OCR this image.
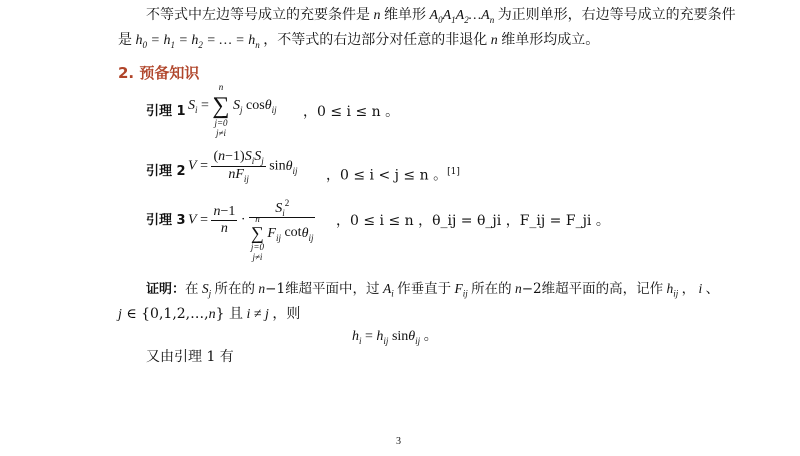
不等式中左边等号成立的充要条件是 n 维单形 $A_0A_1A_2\dots A_n$ 为正则单形，右边等号成立的充要条件
是 $h_0 = h_1 = h_2$ = … = $h_n$ ，不等式的右边部分对任意的非退化 n 维单形均成立。
2. 预备知识
引理 1 $S_i$ = ∑
n
j=0
j≠i
$S_j$ cosθ$_{ij}$ ，0 ≤ i ≤ n 。
引理 2 $V = \frac{(n-1)S_iS_j}{nF_{ij}} \sin\theta_{ij}$ ，0 ≤ i < j ≤ n 。[1]
引理 3 $V = \frac{n-1}{n}$ ·
$S_i^2$
∑
n
j=0
j≠i
$F_{ij}$ cotθ$_{ij}$
，0 ≤ i ≤ n ，θ_ij = θ_ji ，F_ij = F_ji 。
证明：在 $S_j$ 所在的 n−1维超平面中，过 $A_i$ 作垂直于 $F_{ij}$ 所在的 n−2维超平面的高，记作 $h_{ij}$ ， i 、
j ∈ {0,1,2,…,n} 且 i ≠ j ，则
$h_i = h_{ij}$ sinθ$_{ij}$ 。
又由引理 1 有
3
